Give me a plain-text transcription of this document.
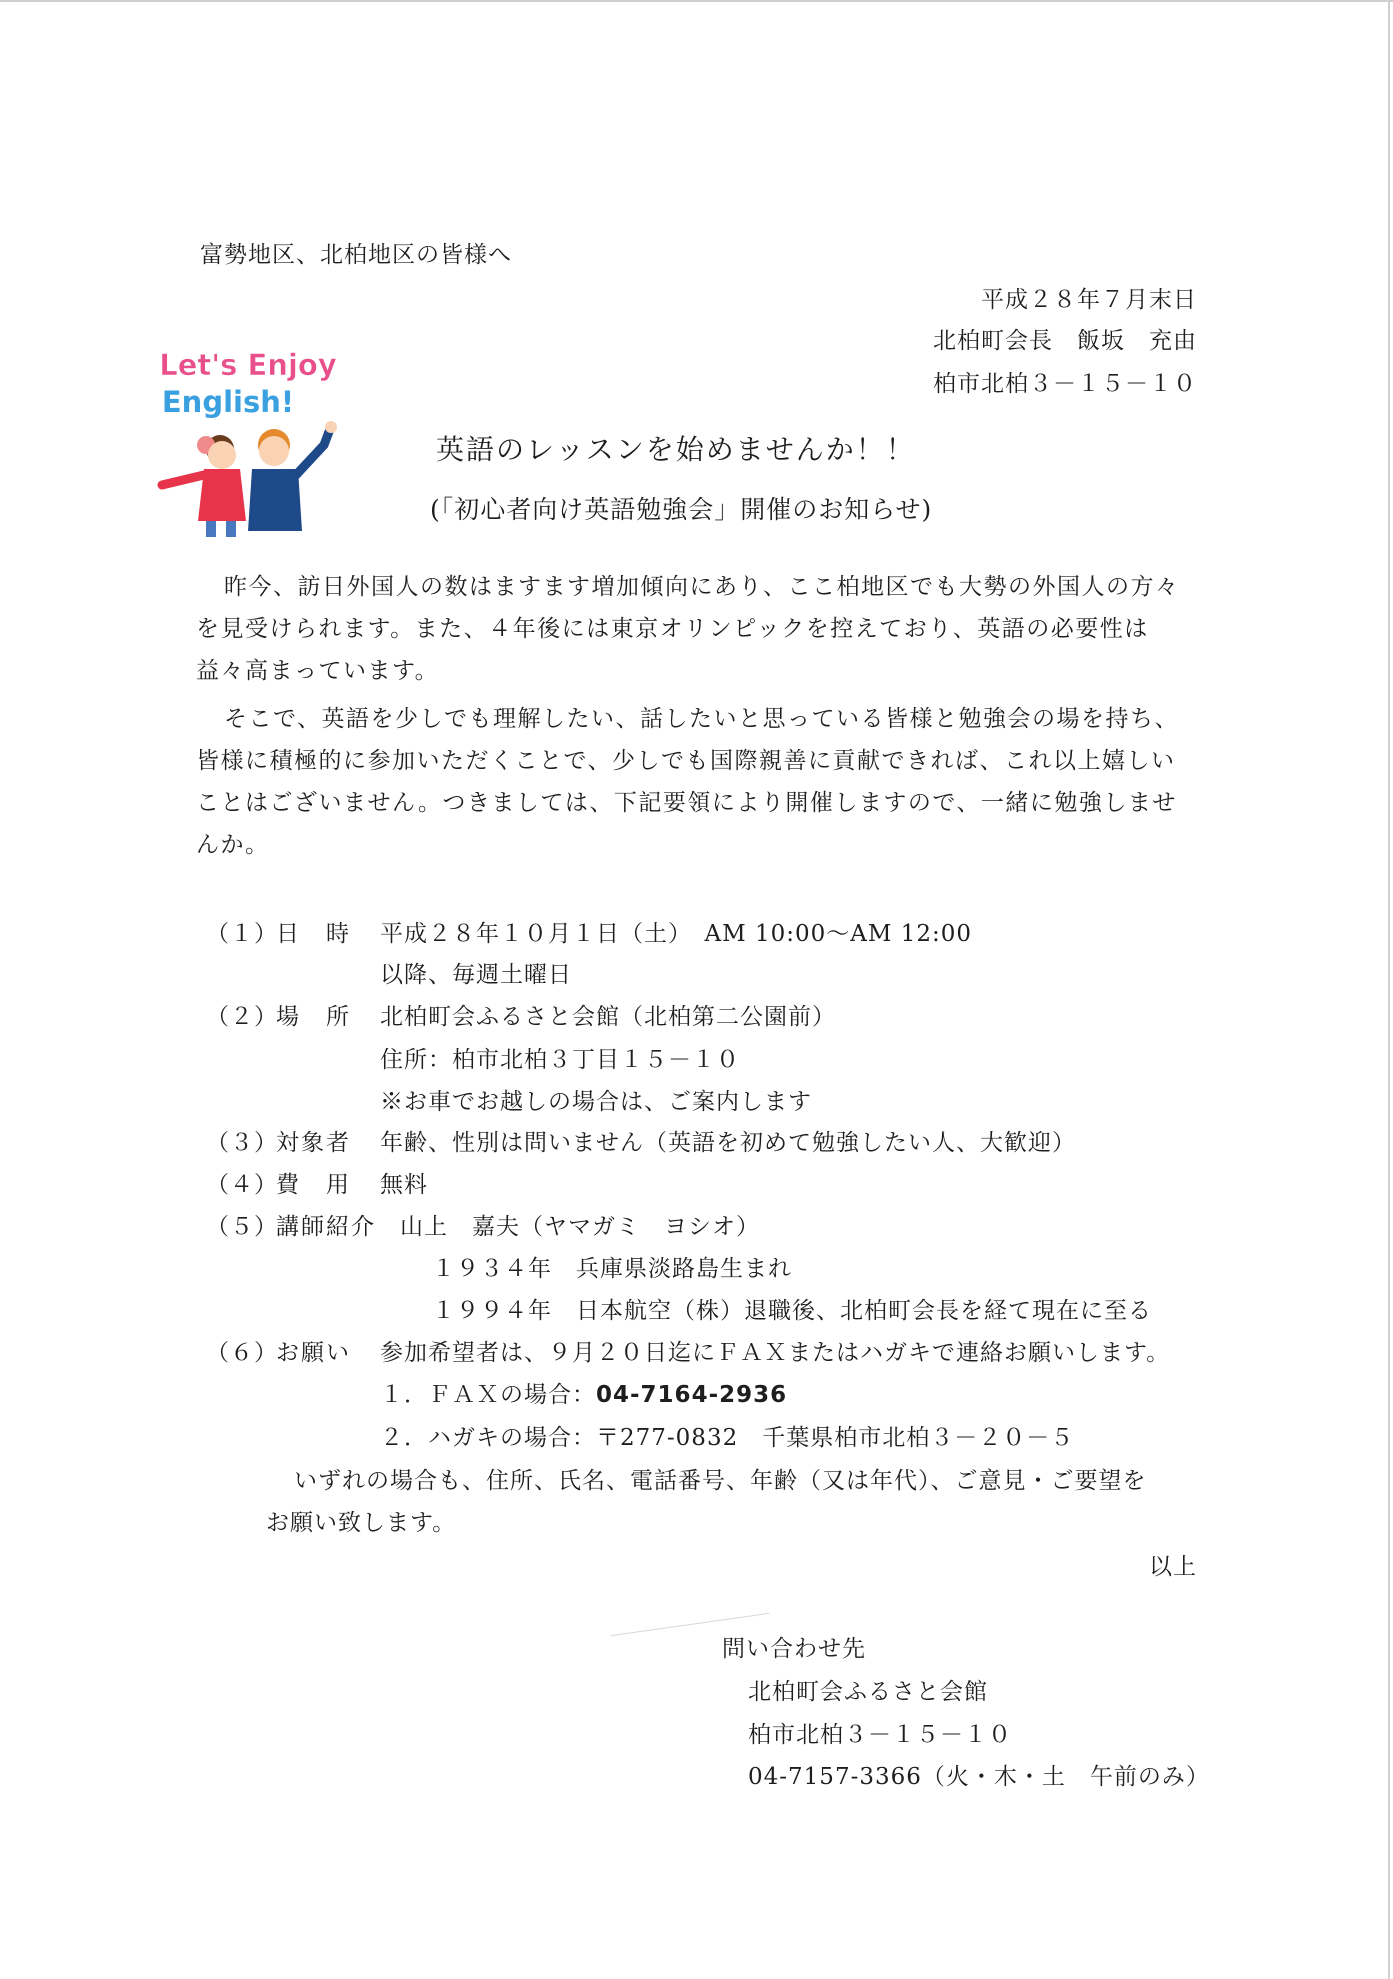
富勢地区、北柏地区の皆様へ
平成２８年７月末日
北柏町会長　飯坂　充由
柏市北柏３－１５－１０
Let's Enjoy
English!
英語のレッスンを始めませんか！！
(「初心者向け英語勉強会」開催のお知らせ)

昨今、訪日外国人の数はますます増加傾向にあり、ここ柏地区でも大勢の外国人の方々を見受けられます。また、４年後には東京オリンピックを控えており、英語の必要性は益々高まっています。

そこで、英語を少しでも理解したい、話したいと思っている皆様と勉強会の場を持ち、皆様に積極的に参加いただくことで、少しでも国際親善に貢献できれば、これ以上嬉しいことはございません。つきましては、下記要領により開催しますので、一緒に勉強しませんか。

（１）日　時 平成２８年１０月１日（土）　AM 10:00～AM 12:00
以降、毎週土曜日
（２）場　所 北柏町会ふるさと会館（北柏第二公園前）
住所：柏市北柏３丁目１５－１０
※お車でお越しの場合は、ご案内します
（３）対象者 年齢、性別は問いません（英語を初めて勉強したい人、大歓迎）
（４）費　用 無料
（５）講師紹介 山上　嘉夫（ヤマガミ　ヨシオ）
１９３４年　兵庫県淡路島生まれ
１９９４年　日本航空（株）退職後、北柏町会長を経て現在に至る
（６）お願い 参加希望者は、９月２０日迄にＦＡＸまたはハガキで連絡お願いします。
１．ＦＡＸの場合：04-7164-2936
２．ハガキの場合：〒277-0832　 千葉県柏市北柏３－２０－５
いずれの場合も、住所、氏名、電話番号、年齢（又は年代）、ご意見・ご要望を
お願い致します。
以上
問い合わせ先
北柏町会ふるさと会館
柏市北柏３－１５－１０
04-7157-3366（火・木・土　午前のみ）
